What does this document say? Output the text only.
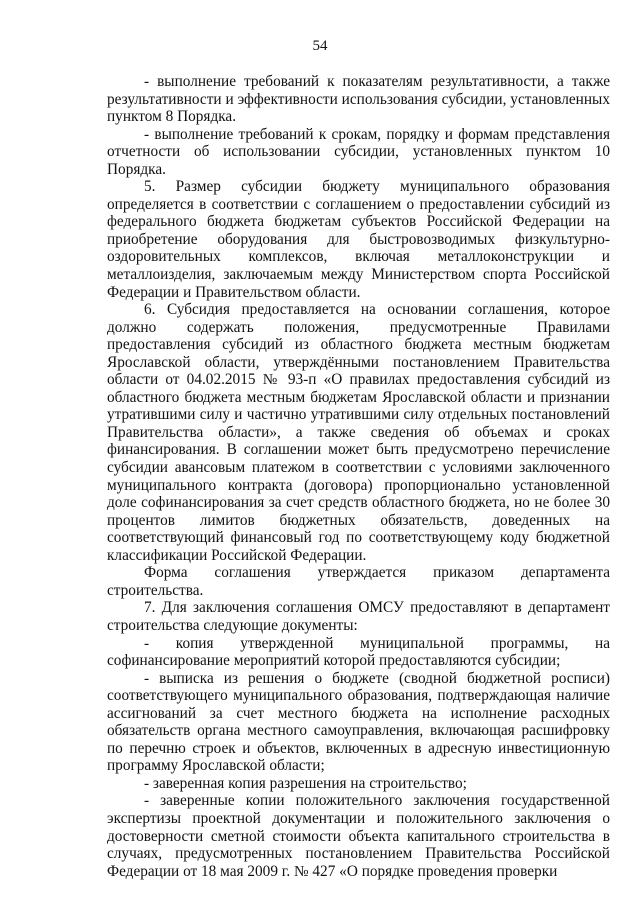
54

- выполнение требований к показателям результативности, а также результативности и эффективности использования субсидии, установленных пунктом 8 Порядка.

- выполнение требований к срокам, порядку и формам представления отчетности об использовании субсидии, установленных пунктом 10 Порядка.

5. Размер субсидии бюджету муниципального образования определяется в соответствии с соглашением о предоставлении субсидий из федерального бюджета бюджетам субъектов Российской Федерации на приобретение оборудования для быстровозводимых физкультурно-оздоровительных комплексов, включая металлоконструкции и металлоизделия, заключаемым между Министерством спорта Российской Федерации и Правительством области.

6. Субсидия предоставляется на основании соглашения, которое должно содержать положения, предусмотренные Правилами предоставления субсидий из областного бюджета местным бюджетам Ярославской области, утверждёнными постановлением Правительства области от 04.02.2015 № 93-п «О правилах предоставления субсидий из областного бюджета местным бюджетам Ярославской области и признании утратившими силу и частично утратившими силу отдельных постановлений Правительства области», а также сведения об объемах и сроках финансирования. В соглашении может быть предусмотрено перечисление субсидии авансовым платежом в соответствии с условиями заключенного муниципального контракта (договора) пропорционально установленной доле софинансирования за счет средств областного бюджета, но не более 30 процентов лимитов бюджетных обязательств, доведенных на соответствующий финансовый год по соответствующему коду бюджетной классификации Российской Федерации.

Форма соглашения утверждается приказом департамента строительства.

7. Для заключения соглашения ОМСУ предоставляют в департамент строительства следующие документы:

- копия утвержденной муниципальной программы, на софинансирование мероприятий которой предоставляются субсидии;

- выписка из решения о бюджете (сводной бюджетной росписи) соответствующего муниципального образования, подтверждающая наличие ассигнований за счет местного бюджета на исполнение расходных обязательств органа местного самоуправления, включающая расшифровку по перечню строек и объектов, включенных в адресную инвестиционную программу Ярославской области;

- заверенная копия разрешения на строительство;

- заверенные копии положительного заключения государственной экспертизы проектной документации и положительного заключения о достоверности сметной стоимости объекта капитального строительства в случаях, предусмотренных постановлением Правительства Российской Федерации от 18 мая 2009 г. № 427 «О порядке проведения проверки
